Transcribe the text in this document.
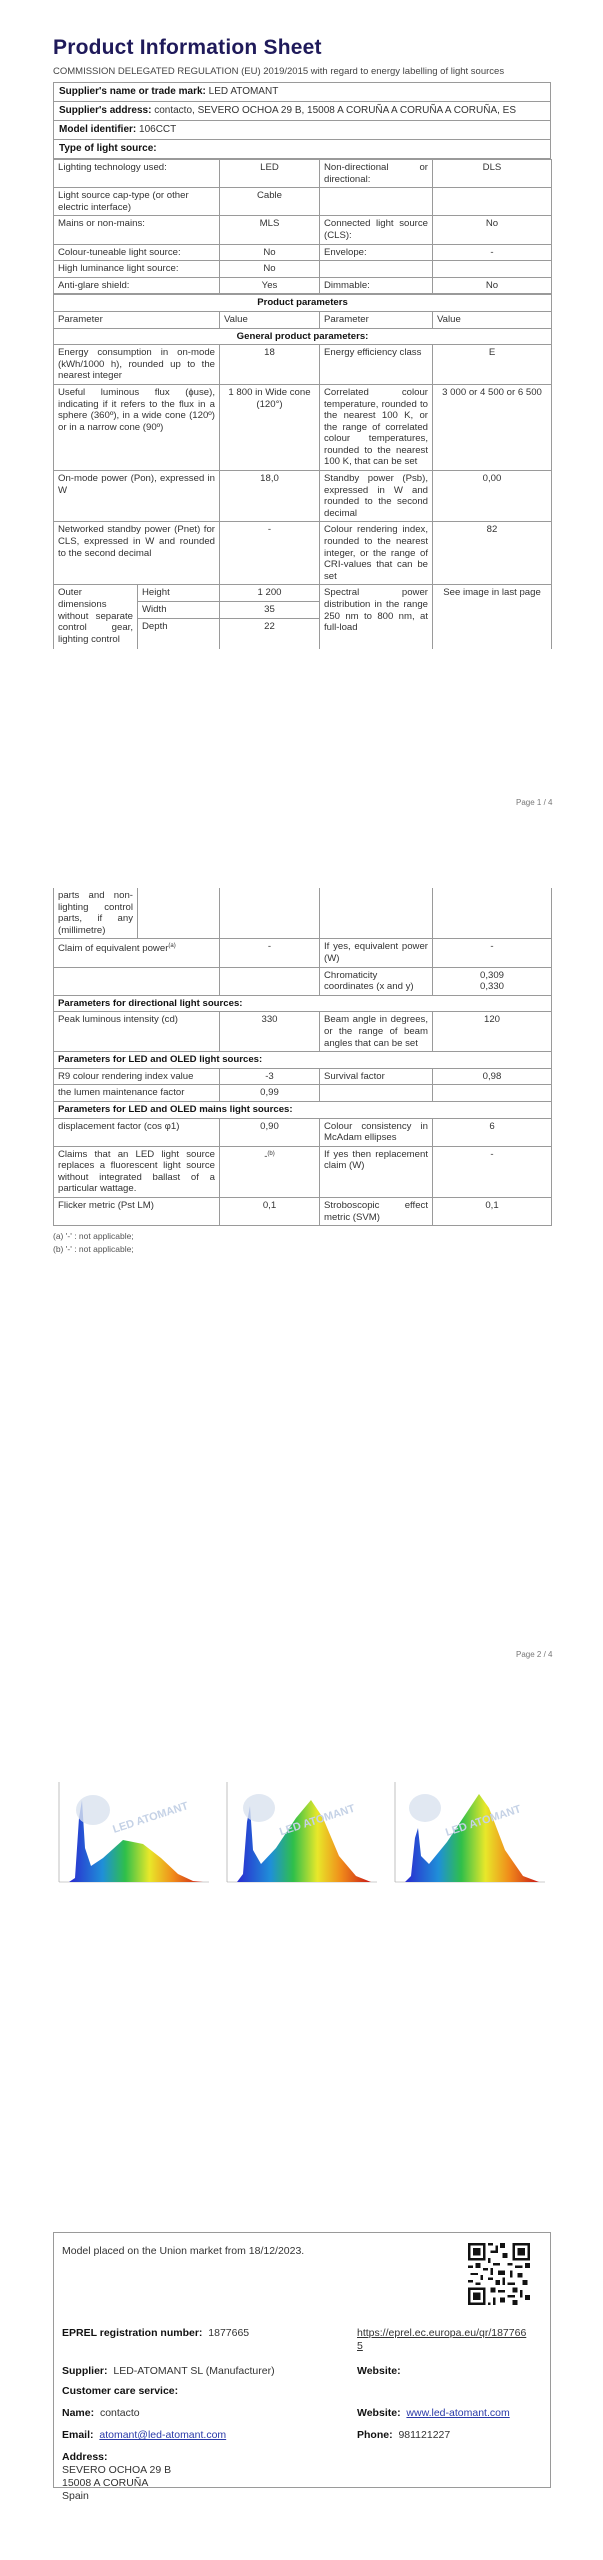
Product Information Sheet
COMMISSION DELEGATED REGULATION (EU) 2019/2015 with regard to energy labelling of light sources
Supplier's name or trade mark: LED ATOMANT
Supplier's address: contacto, SEVERO OCHOA 29 B, 15008 A CORUÑA A CORUÑA A CORUÑA, ES
Model identifier: 106CCT
Type of light source:
Lighting technology used:	LED	Non-directional or directional:	DLS
Light source cap-type (or other electric interface)	Cable		
Mains or non-mains:	MLS	Connected light source (CLS):	No
Colour-tuneable light source:	No	Envelope:	-
High luminance light source:	No		
Anti-glare shield:	Yes	Dimmable:	No
Product parameters				
Parameter		Value	Parameter	Value
General product parameters:				
Energy consumption in on-mode (kWh/1000 h), rounded up to the nearest integer		18	Energy efficiency class	E
Useful luminous flux (ɸuse), indicating if it refers to the flux in a sphere (360º), in a wide cone (120º) or in a narrow cone (90º)		1 800 in Wide cone (120°)	Correlated colour temperature, rounded to the nearest 100 K, or the range of correlated colour temperatures, rounded to the nearest 100 K, that can be set	3 000 or 4 500 or 6 500
On-mode power (Pon), expressed in W		18,0	Standby power (Psb), expressed in W and rounded to the second decimal	0,00
Networked standby power (Pnet) for CLS, expressed in W and rounded to the second decimal		-	Colour rendering index, rounded to the nearest integer, or the range of CRI-values that can be set	82
Outer dimensions without separate control gear, lighting control	Height	1 200	Spectral power distribution in the range 250 nm to 800 nm, at full-load	See image in last page
	Width	35		
	Depth	22		
Page 1 / 4
parts and non-lighting control parts, if any (millimetre)				
Claim of equivalent power$^{(a)}$		-	If yes, equivalent power (W)	-
			Chromaticity coordinates (x and y)	0,309
0,330
Parameters for directional light sources:				
Peak luminous intensity (cd)		330	Beam angle in degrees, or the range of beam angles that can be set	120
Parameters for LED and OLED light sources:				
R9 colour rendering index value		-3	Survival factor	0,98
the lumen maintenance factor		0,99		
Parameters for LED and OLED mains light sources:				
displacement factor (cos φ1)		0,90	Colour consistency in McAdam ellipses	6
Claims that an LED light source replaces a fluorescent light source without integrated ballast of a particular wattage.		-$^{(b)}$	If yes then replacement claim (W)	-
Flicker metric (Pst LM)		0,1	Stroboscopic effect metric (SVM)	0,1
(a) '-' : not applicable;
(b) '-' : not applicable;
Page 2 / 4
LED ATOMANT	LED ATOMANT	LED ATOMANT
Model placed on the Union market from 18/12/2023.
EPREL registration number: 1877665	https://eprel.ec.europa.eu/qr/1877665
Supplier: LED-ATOMANT SL (Manufacturer)	Website:
Customer care service:
Name: contacto	Website: www.led-atomant.com
Email: atomant@led-atomant.com	Phone: 981121227
Address:
SEVERO OCHOA 29 B
15008 A CORUÑA
Spain
